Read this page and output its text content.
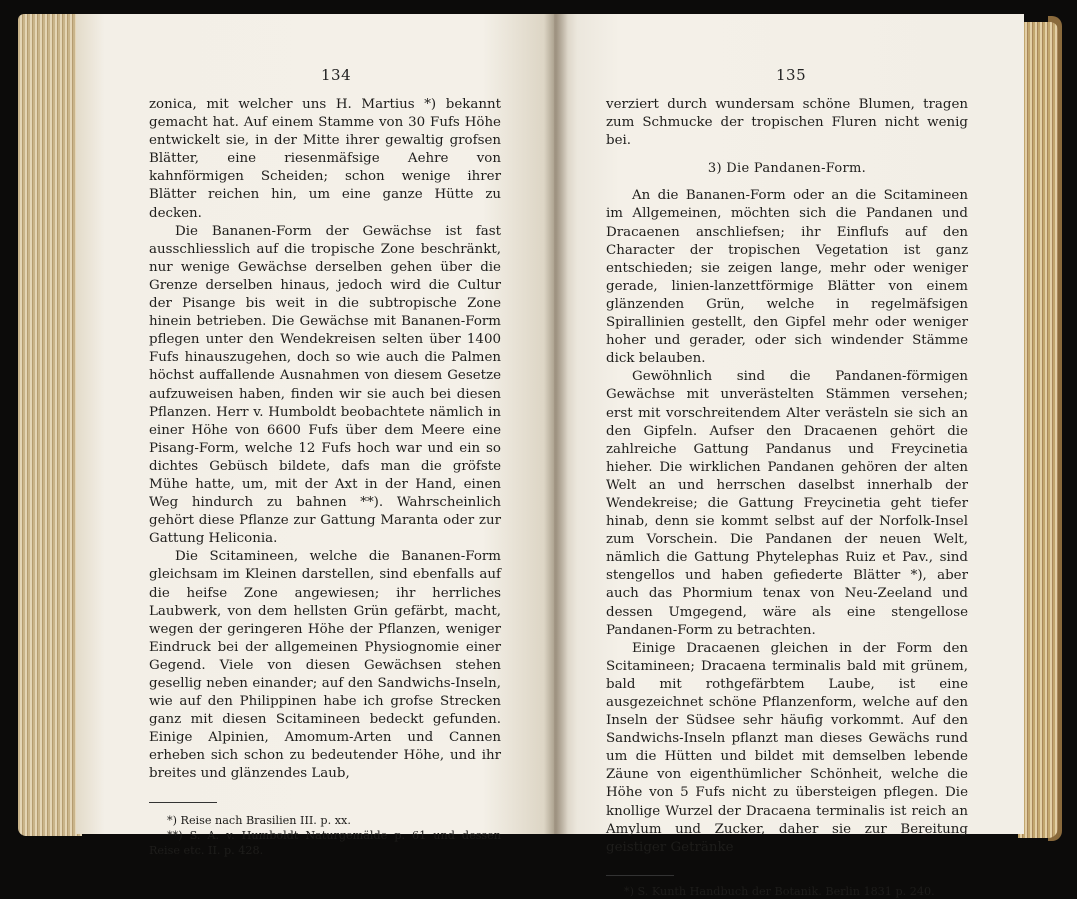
134

zonica, mit welcher uns H. Martius *) bekannt gemacht hat. Auf einem Stamme von 30 Fufs Höhe entwickelt sie, in der Mitte ihrer gewaltig grofsen Blätter, eine riesenmäfsige Aehre von kahnförmigen Scheiden; schon wenige ihrer Blätter reichen hin, um eine ganze Hütte zu decken.

Die Bananen-Form der Gewächse ist fast ausschliesslich auf die tropische Zone beschränkt, nur wenige Gewächse derselben gehen über die Grenze derselben hinaus, jedoch wird die Cultur der Pisange bis weit in die subtropische Zone hinein betrieben. Die Gewächse mit Bananen-Form pflegen unter den Wendekreisen selten über 1400 Fufs hinauszugehen, doch so wie auch die Palmen höchst auffallende Ausnahmen von diesem Gesetze aufzuweisen haben, finden wir sie auch bei diesen Pflanzen. Herr v. Humboldt beobachtete nämlich in einer Höhe von 6600 Fufs über dem Meere eine Pisang-Form, welche 12 Fufs hoch war und ein so dichtes Gebüsch bildete, dafs man die gröfste Mühe hatte, um, mit der Axt in der Hand, einen Weg hindurch zu bahnen **). Wahrscheinlich gehört diese Pflanze zur Gattung Maranta oder zur Gattung Heliconia.

Die Scitamineen, welche die Bananen-Form gleichsam im Kleinen darstellen, sind ebenfalls auf die heifse Zone angewiesen; ihr herrliches Laubwerk, von dem hellsten Grün gefärbt, macht, wegen der geringeren Höhe der Pflanzen, weniger Eindruck bei der allgemeinen Physiognomie einer Gegend. Viele von diesen Gewächsen stehen gesellig neben einander; auf den Sandwichs-Inseln, wie auf den Philippinen habe ich grofse Strecken ganz mit diesen Scitamineen bedeckt gefunden. Einige Alpinien, Amomum-Arten und Cannen erheben sich schon zu bedeutender Höhe, und ihr breites und glänzendes Laub,

*) Reise nach Brasilien III. p. xx.

**) S. A. v. Humboldt Naturgemälde p. 61 und dessen Reise etc. II. p. 428.

135

verziert durch wundersam schöne Blumen, tragen zum Schmucke der tropischen Fluren nicht wenig bei.

3) Die Pandanen-Form.

An die Bananen-Form oder an die Scitamineen im Allgemeinen, möchten sich die Pandanen und Dracaenen anschliefsen; ihr Einflufs auf den Character der tropischen Vegetation ist ganz entschieden; sie zeigen lange, mehr oder weniger gerade, linien-lanzettförmige Blätter von einem glänzenden Grün, welche in regelmäfsigen Spirallinien gestellt, den Gipfel mehr oder weniger hoher und gerader, oder sich windender Stämme dick belauben.

Gewöhnlich sind die Pandanen-förmigen Gewächse mit unverästelten Stämmen versehen; erst mit vorschreitendem Alter verästeln sie sich an den Gipfeln. Aufser den Dracaenen gehört die zahlreiche Gattung Pandanus und Freycinetia hieher. Die wirklichen Pandanen gehören der alten Welt an und herrschen daselbst innerhalb der Wendekreise; die Gattung Freycinetia geht tiefer hinab, denn sie kommt selbst auf der Norfolk-Insel zum Vorschein. Die Pandanen der neuen Welt, nämlich die Gattung Phytelephas Ruiz et Pav., sind stengellos und haben gefiederte Blätter *), aber auch das Phormium tenax von Neu-Zeeland und dessen Umgegend, wäre als eine stengellose Pandanen-Form zu betrachten.

Einige Dracaenen gleichen in der Form den Scitamineen; Dracaena terminalis bald mit grünem, bald mit rothgefärbtem Laube, ist eine ausgezeichnet schöne Pflanzenform, welche auf den Inseln der Südsee sehr häufig vorkommt. Auf den Sandwichs-Inseln pflanzt man dieses Gewächs rund um die Hütten und bildet mit demselben lebende Zäune von eigenthümlicher Schönheit, welche die Höhe von 5 Fufs nicht zu übersteigen pflegen. Die knollige Wurzel der Dracaena terminalis ist reich an Amylum und Zucker, daher sie zur Bereitung geistiger Getränke

*) S. Kunth Handbuch der Botanik. Berlin 1831 p. 240.
